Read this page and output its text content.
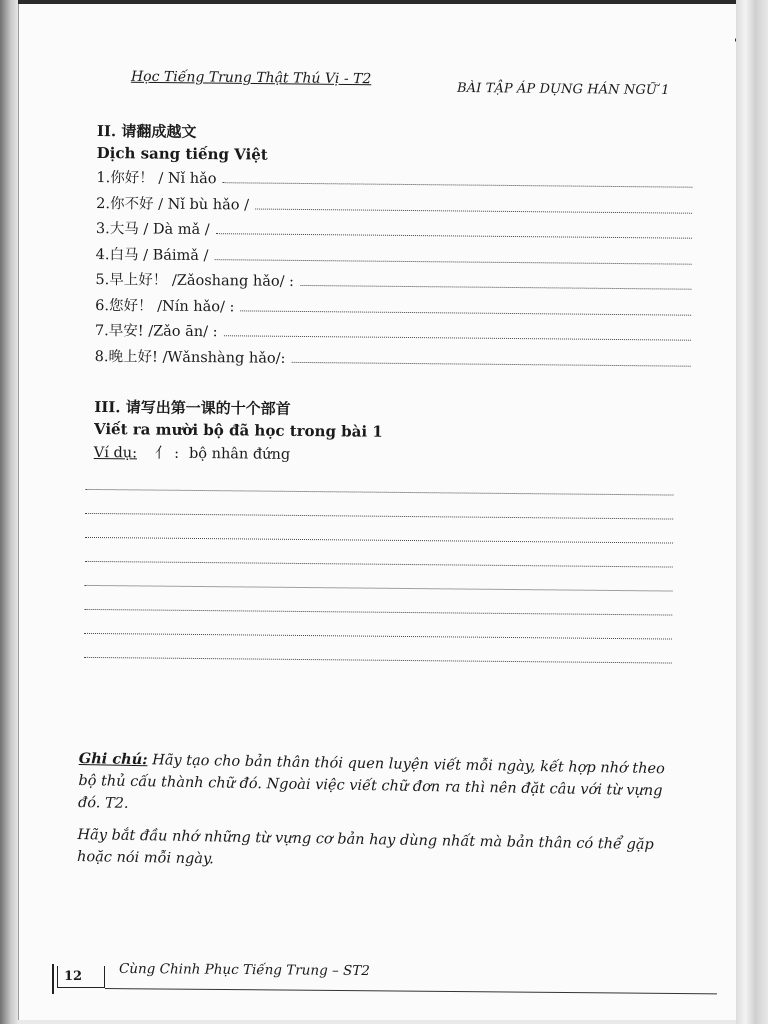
Học Tiếng Trung Thật Thú Vị - T2
BÀI TẬP ÁP DỤNG HÁN NGỮ 1

II. 请翻成越文

Dịch sang tiếng Việt

1.你好！ / Nǐ hǎo
2.你不好 / Nǐ bù hǎo /
3.大马 / Dà mǎ /
4.白马 / Báimǎ /
5.早上好！ /Zǎoshang hǎo/ :
6.您好！ /Nín hǎo/ :
7.早安! /Zǎo ān/ :
8.晚上好! /Wǎnshàng hǎo/:

III. 请写出第一课的十个部首

Viết ra mười bộ đã học trong bài 1

Ví dụ: 亻 : bộ nhân đứng

Ghi chú: Hãy tạo cho bản thân thói quen luyện viết mỗi ngày, kết hợp nhớ theo bộ thủ cấu thành chữ đó. Ngoài việc viết chữ đơn ra thì nên đặt câu với từ vựng đó. T2.

Hãy bắt đầu nhớ những từ vựng cơ bản hay dùng nhất mà bản thân có thể gặp hoặc nói mỗi ngày.

12	Cùng Chinh Phục Tiếng Trung – ST2
